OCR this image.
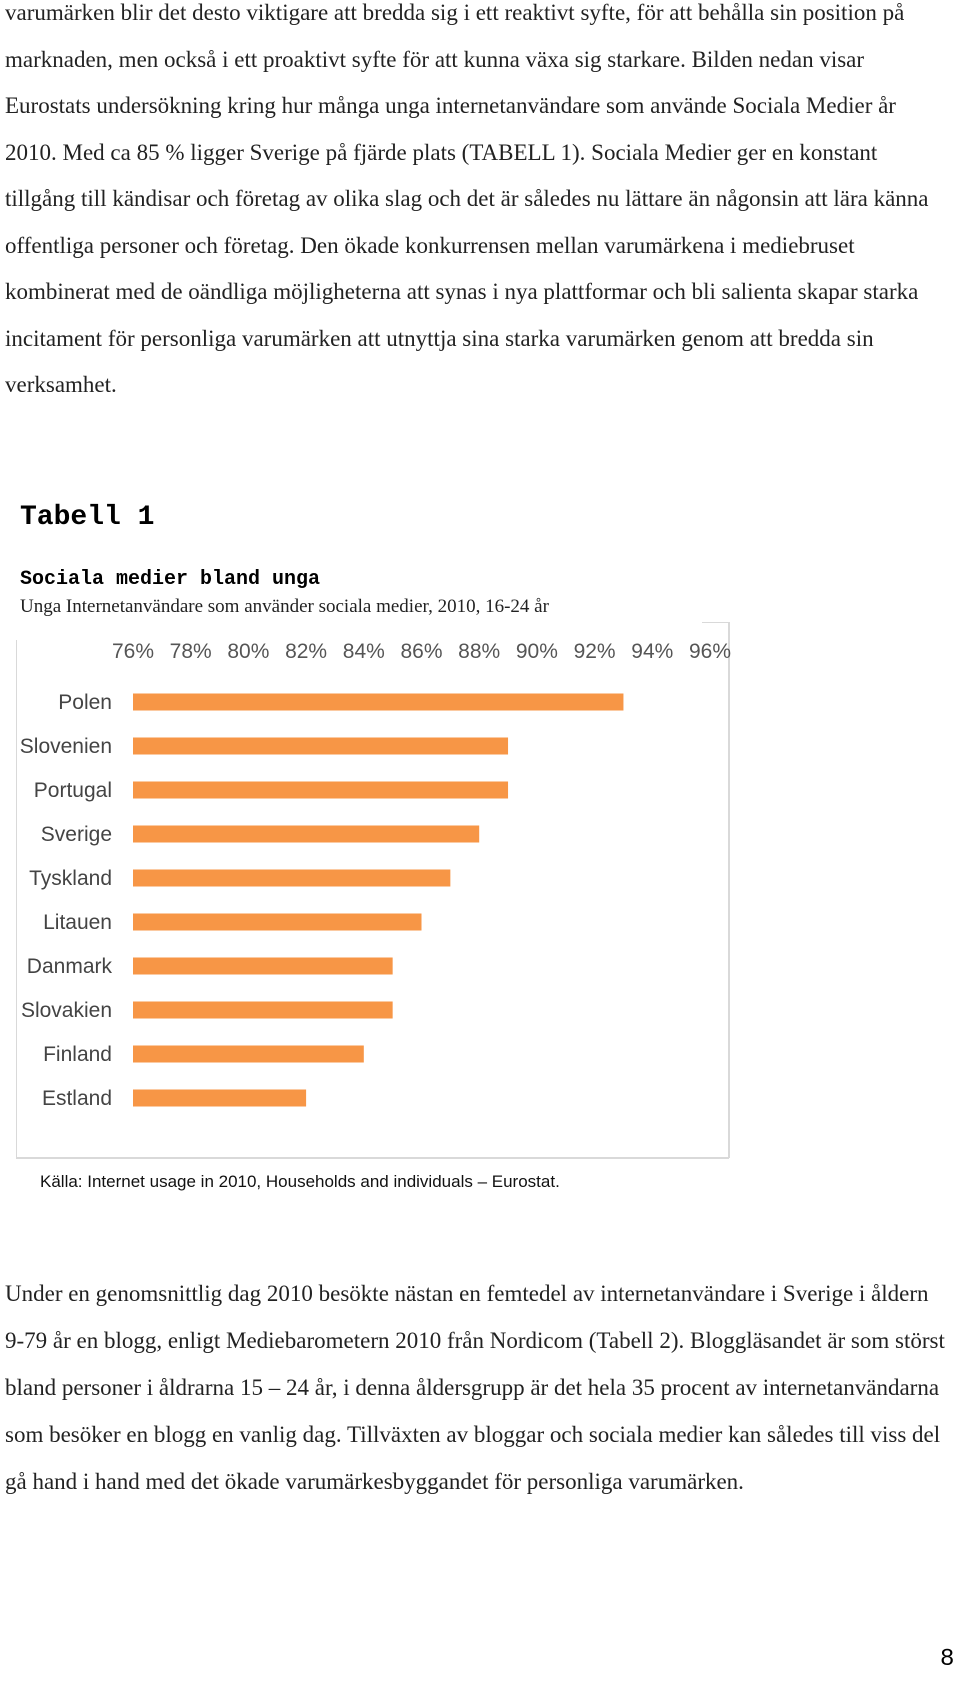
varumärken blir det desto viktigare att bredda sig i ett reaktivt syfte, för att behålla sin position på marknaden, men också i ett proaktivt syfte för att kunna växa sig starkare. Bilden nedan visar Eurostats undersökning kring hur många unga internetanvändare som använde Sociala Medier år 2010. Med ca 85 % ligger Sverige på fjärde plats (TABELL 1). Sociala Medier ger en konstant tillgång till kändisar och företag av olika slag och det är således nu lättare än någonsin att lära känna offentliga personer och företag. Den ökade konkurrensen mellan varumärkena i mediebruset kombinerat med de oändliga möjligheterna att synas i nya plattformar och bli salienta skapar starka incitament för personliga varumärken att utnyttja sina starka varumärken genom att bredda sin verksamhet.

Tabell 1
Sociala medier bland unga

Unga Internetanvändare som använder sociala medier, 2010, 16-24 år

76% 78% 80% 82% 84% 86% 88% 90% 92% 94% 96%
Polen
Slovenien
Portugal
Sverige
Tyskland
Litauen
Danmark
Slovakien
Finland
Estland

Källa: Internet usage in 2010, Households and individuals – Eurostat.

Under en genomsnittlig dag 2010 besökte nästan en femtedel av internetanvändare i Sverige i åldern 9-79 år en blogg, enligt Mediebarometern 2010 från Nordicom (Tabell 2). Bloggläsandet är som störst bland personer i åldrarna 15 – 24 år, i denna åldersgrupp är det hela 35 procent av internetanvändarna som besöker en blogg en vanlig dag. Tillväxten av bloggar och sociala medier kan således till viss del gå hand i hand med det ökade varumärkesbyggandet för personliga varumärken.

8
